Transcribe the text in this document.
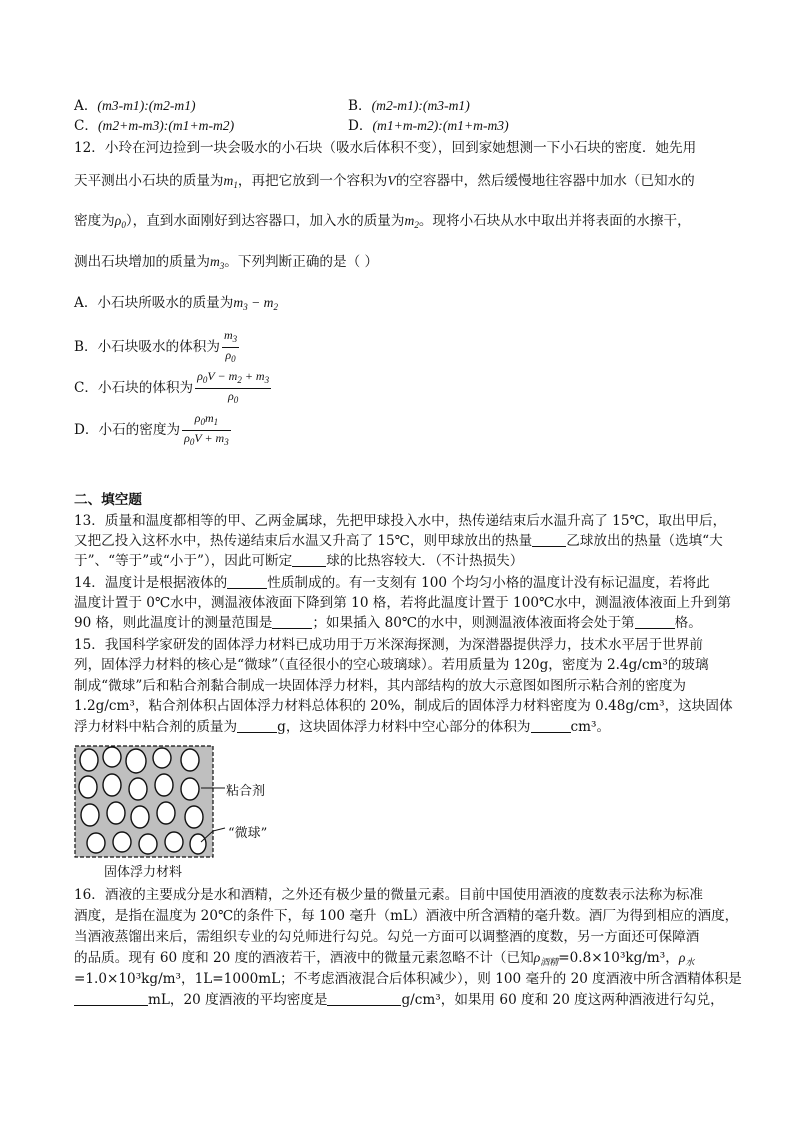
A．(m3-m1):(m2-m1)	B．(m2-m1):(m3-m1)
C．(m2+m-m3):(m1+m-m2)	D．(m1+m-m2):(m1+m-m3)
12．小玲在河边捡到一块会吸水的小石块（吸水后体积不变），回到家她想测一下小石块的密度．她先用
天平测出小石块的质量为$m_1$，再把它放到一个容积为V的空容器中，然后缓慢地往容器中加水（已知水的
密度为$\rho_0$），直到水面刚好到达容器口，加入水的质量为$m_2$。现将小石块从水中取出并将表面的水擦干，
测出石块增加的质量为$m_3$。下列判断正确的是（ ）
A．小石块所吸水的质量为$m_3 - m_2$
B．小石块吸水的体积为 $\frac{m_3}{\rho_0}$
C．小石块的体积为 $\frac{\rho_0V - m_2 + m_3}{\rho_0}$
D．小石的密度为 $\frac{\rho_0m_1}{\rho_0V + m_3}$
二、填空题
13．质量和温度都相等的甲、乙两金属球，先把甲球投入水中，热传递结束后水温升高了 15℃，取出甲后，
又把乙投入这杯水中，热传递结束后水温又升高了 15℃，则甲球放出的热量	乙球放出的热量（选填“大
于”、“等于”或“小于”），因此可断定	球的比热容较大．（不计热损失）
14．温度计是根据液体的	性质制成的。有一支刻有 100 个均匀小格的温度计没有标记温度，若将此
温度计置于 0℃水中，测温液体液面下降到第 10 格，若将此温度计置于 100℃水中，测温液体液面上升到第
90 格，则此温度计的测量范围是	；如果插入 80℃的水中，则测温液体液面将会处于第	格。
15．我国科学家研发的固体浮力材料已成功用于万米深海探测，为深潜器提供浮力，技术水平居于世界前
列，固体浮力材料的核心是“微球”（直径很小的空心玻璃球）。若用质量为 120g，密度为 2.4g/cm³的玻璃
制成“微球”后和粘合剂黏合制成一块固体浮力材料，其内部结构的放大示意图如图所示粘合剂的密度为
1.2g/cm³，粘合剂体积占固体浮力材料总体积的 20%，制成后的固体浮力材料密度为 0.48g/cm³，这块固体
浮力材料中粘合剂的质量为	g，这块固体浮力材料中空心部分的体积为	cm³。
粘合剂
“微球”
固体浮力材料
16．酒液的主要成分是水和酒精，之外还有极少量的微量元素。目前中国使用酒液的度数表示法称为标准
酒度，是指在温度为 20℃的条件下，每 100 毫升（mL）酒液中所含酒精的毫升数。酒厂为得到相应的酒度，
当酒液蒸馏出来后，需组织专业的勾兑师进行勾兑。勾兑一方面可以调整酒的度数，另一方面还可保障酒
的品质。现有 60 度和 20 度的酒液若干，酒液中的微量元素忽略不计（已知$\rho_{酒精}=0.8\times 10^3kg/m^3$，$\rho_水$
=1.0×10³kg/m³，1L=1000mL；不考虑酒液混合后体积减少），则 100 毫升的 20 度酒液中所含酒精体积是
mL，20 度酒液的平均密度是	g/cm³，如果用 60 度和 20 度这两种酒液进行勾兑，
